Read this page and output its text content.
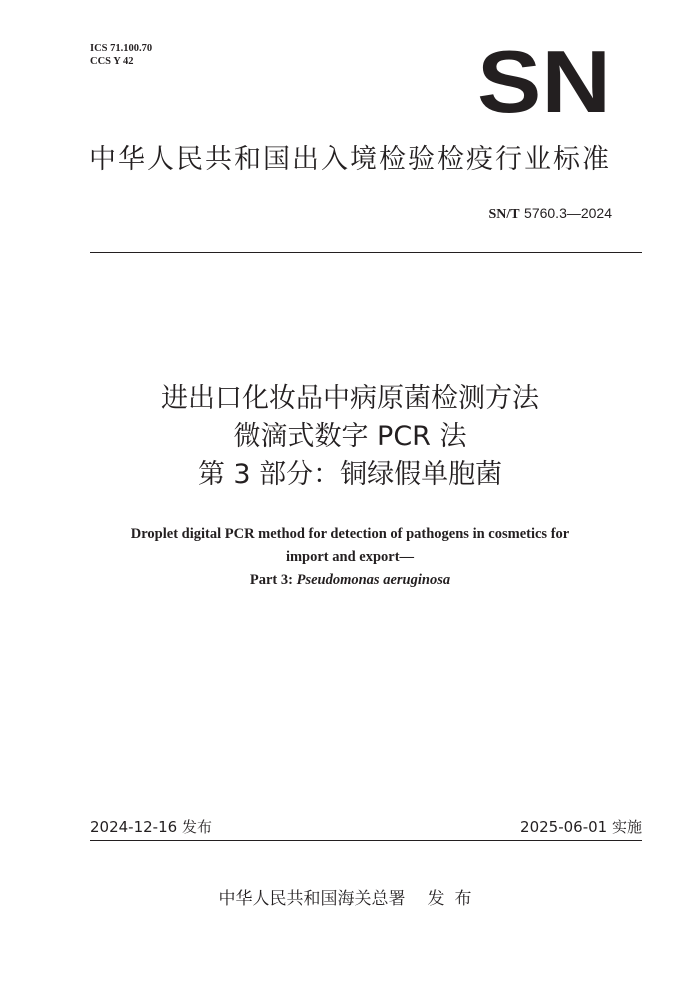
ICS 71.100.70
CCS Y 42	SN
中华人民共和国出入境检验检疫行业标准
SN/T 5760.3—2024
进出口化妆品中病原菌检测方法
微滴式数字 PCR 法
第 3 部分：铜绿假单胞菌
Droplet digital PCR method for detection of pathogens in cosmetics for
import and export—
Part 3: Pseudomonas aeruginosa
2024-12-16 发布	2025-06-01 实施
中华人民共和国海关总署 发布
